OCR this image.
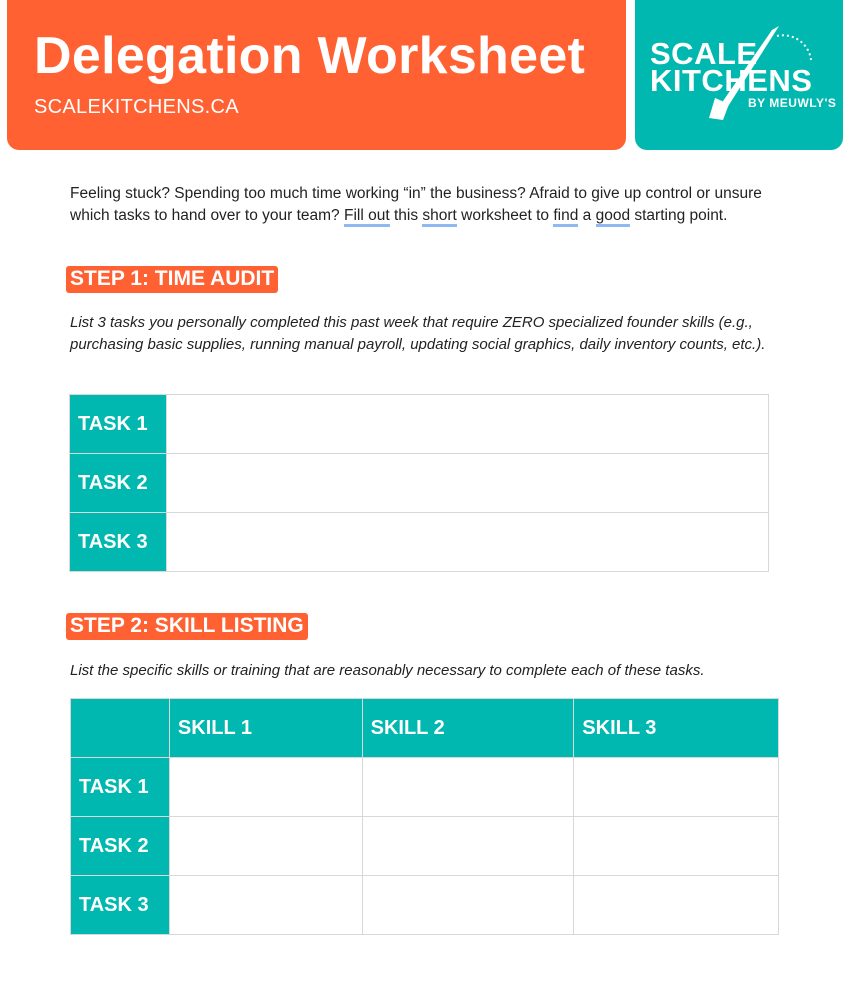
Delegation Worksheet
SCALEKITCHENS.CA
SCALE
KITCHENS
BY MEUWLY'S
Feeling stuck? Spending too much time working “in” the business? Afraid to give up control or unsure which tasks to hand over to your team? Fill out this short worksheet to find a good starting point.
STEP 1: TIME AUDIT
List 3 tasks you personally completed this past week that require ZERO specialized founder skills (e.g., purchasing basic supplies, running manual payroll, updating social graphics, daily inventory counts, etc.).
TASK 1	
TASK 2	
TASK 3	
STEP 2: SKILL LISTING
List the specific skills or training that are reasonably necessary to complete each of these tasks.
	SKILL 1	SKILL 2	SKILL 3
TASK 1			
TASK 2			
TASK 3			
